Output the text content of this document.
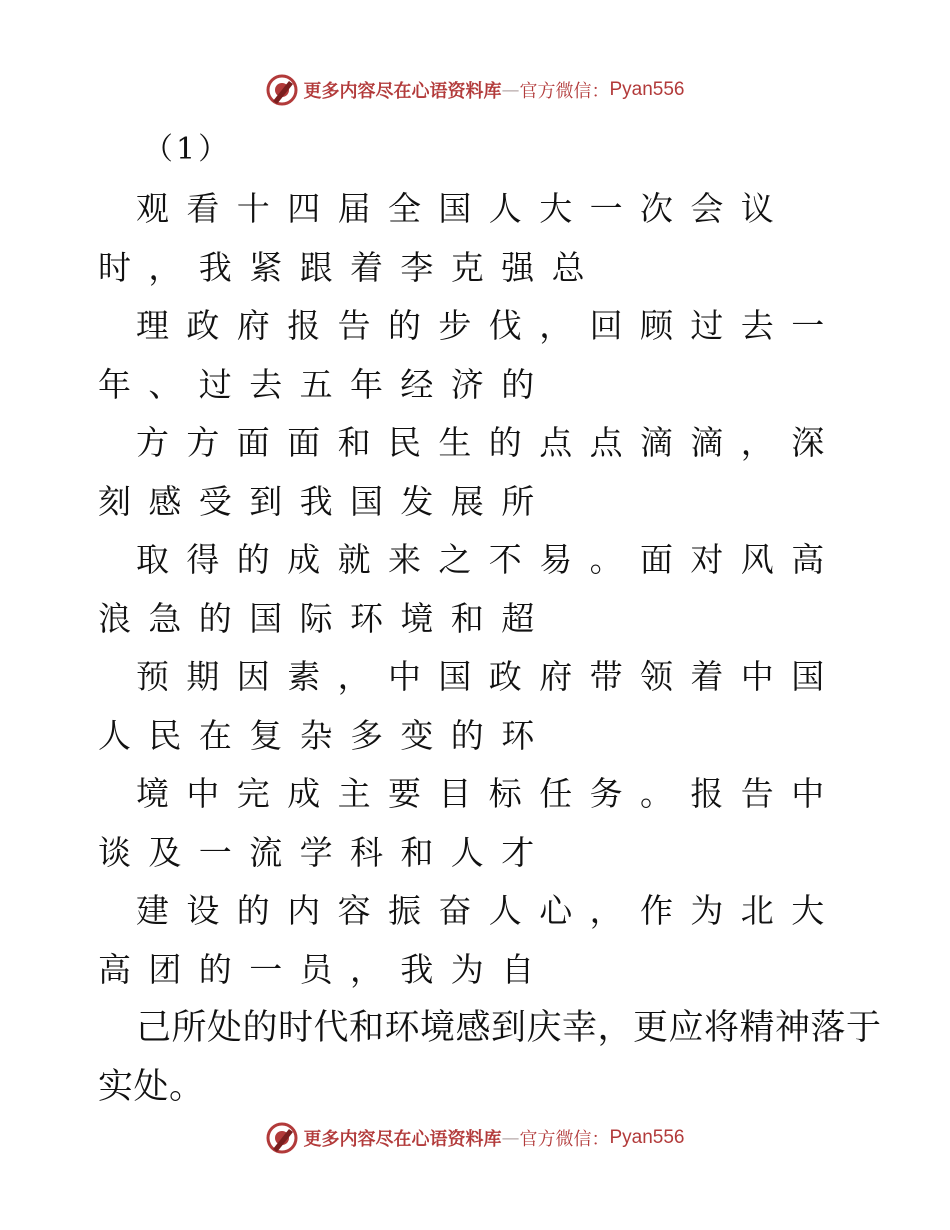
更多内容尽在心语资料库 — 官方微信： Pyan556
（1）
观看十四届全国人大一次会议
时，我紧跟着李克强总
理政府报告的步伐，回顾过去一
年、过去五年经济的
方方面面和民生的点点滴滴，深
刻感受到我国发展所
取得的成就来之不易。面对风高
浪急的国际环境和超
预期因素，中国政府带领着中国
人民在复杂多变的环
境中完成主要目标任务。报告中
谈及一流学科和人才
建设的内容振奋人心，作为北大
高团的一员，我为自
己所处的时代和环境感到庆幸，更应将精神落于
实处。
更多内容尽在心语资料库 — 官方微信： Pyan556
